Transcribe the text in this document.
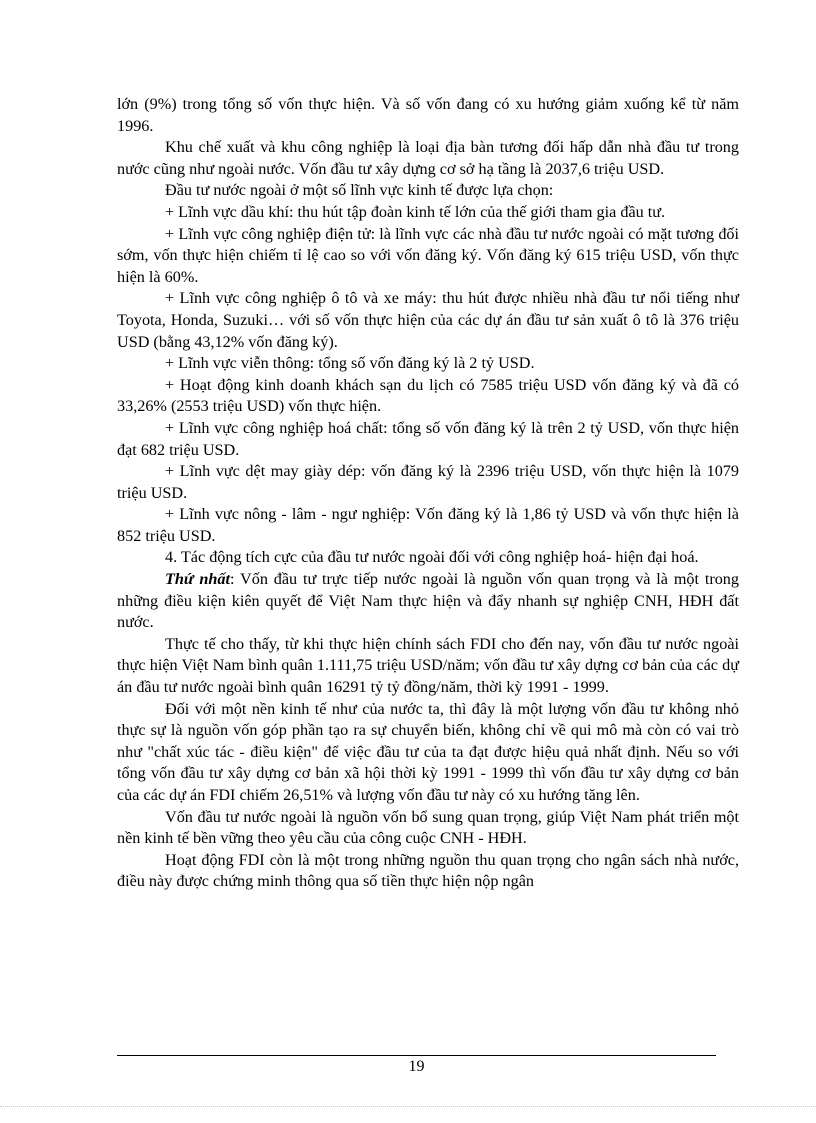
lớn (9%) trong tổng số vốn thực hiện. Và số vốn đang có xu hướng giảm xuống kể từ năm 1996.

Khu chế xuất và khu công nghiệp là loại địa bàn tương đối hấp dẫn nhà đầu tư trong nước cũng như ngoài nước. Vốn đầu tư xây dựng cơ sở hạ tầng là 2037,6 triệu USD.

Đầu tư nước ngoài ở một số lĩnh vực kinh tế được lựa chọn:

+ Lĩnh vực dầu khí: thu hút tập đoàn kinh tế lớn của thế giới tham gia đầu tư.

+ Lĩnh vực công nghiệp điện tử: là lĩnh vực các nhà đầu tư nước ngoài có mặt tương đối sớm, vốn thực hiện chiếm tỉ lệ cao so với vốn đăng ký. Vốn đăng ký 615 triệu USD, vốn thực hiện là 60%.

+ Lĩnh vực công nghiệp ô tô và xe máy: thu hút được nhiều nhà đầu tư nổi tiếng như Toyota, Honda, Suzuki… với số vốn thực hiện của các dự án đầu tư sản xuất ô tô là 376 triệu USD (bằng 43,12% vốn đăng ký).

+ Lĩnh vực viễn thông: tổng số vốn đăng ký là 2 tỷ USD.

+ Hoạt động kinh doanh khách sạn du lịch có 7585 triệu USD vốn đăng ký và đã có 33,26% (2553 triệu USD) vốn thực hiện.

+ Lĩnh vực công nghiệp hoá chất: tổng số vốn đăng ký là trên 2 tỷ USD, vốn thực hiện đạt 682 triệu USD.

+ Lĩnh vực dệt may giày dép: vốn đăng ký là 2396 triệu USD, vốn thực hiện là 1079 triệu USD.

+ Lĩnh vực nông - lâm - ngư nghiệp: Vốn đăng ký là 1,86 tỷ USD và vốn thực hiện là 852 triệu USD.

4. Tác động tích cực của đầu tư nước ngoài đối với công nghiệp hoá- hiện đại hoá.

Thứ nhất: Vốn đầu tư trực tiếp nước ngoài là nguồn vốn quan trọng và là một trong những điều kiện kiên quyết để Việt Nam thực hiện và đẩy nhanh sự nghiệp CNH, HĐH đất nước.

Thực tế cho thấy, từ khi thực hiện chính sách FDI cho đến nay, vốn đầu tư nước ngoài thực hiện Việt Nam bình quân 1.111,75 triệu USD/năm; vốn đầu tư xây dựng cơ bản của các dự án đầu tư nước ngoài bình quân 16291 tỷ tỷ đồng/năm, thời kỳ 1991 - 1999.

Đối với một nền kinh tế như của nước ta, thì đây là một lượng vốn đầu tư không nhỏ thực sự là nguồn vốn góp phần tạo ra sự chuyển biến, không chỉ về qui mô mà còn có vai trò như "chất xúc tác - điều kiện" để việc đầu tư của ta đạt được hiệu quả nhất định. Nếu so với tổng vốn đầu tư xây dựng cơ bản xã hội thời kỳ 1991 - 1999 thì vốn đầu tư xây dựng cơ bản của các dự án FDI chiếm 26,51% và lượng vốn đầu tư này có xu hướng tăng lên.

Vốn đầu tư nước ngoài là nguồn vốn bổ sung quan trọng, giúp Việt Nam phát triển một nền kinh tế bền vững theo yêu cầu của công cuộc CNH - HĐH.

Hoạt động FDI còn là một trong những nguồn thu quan trọng cho ngân sách nhà nước, điều này được chứng minh thông qua số tiền thực hiện nộp ngân

19
